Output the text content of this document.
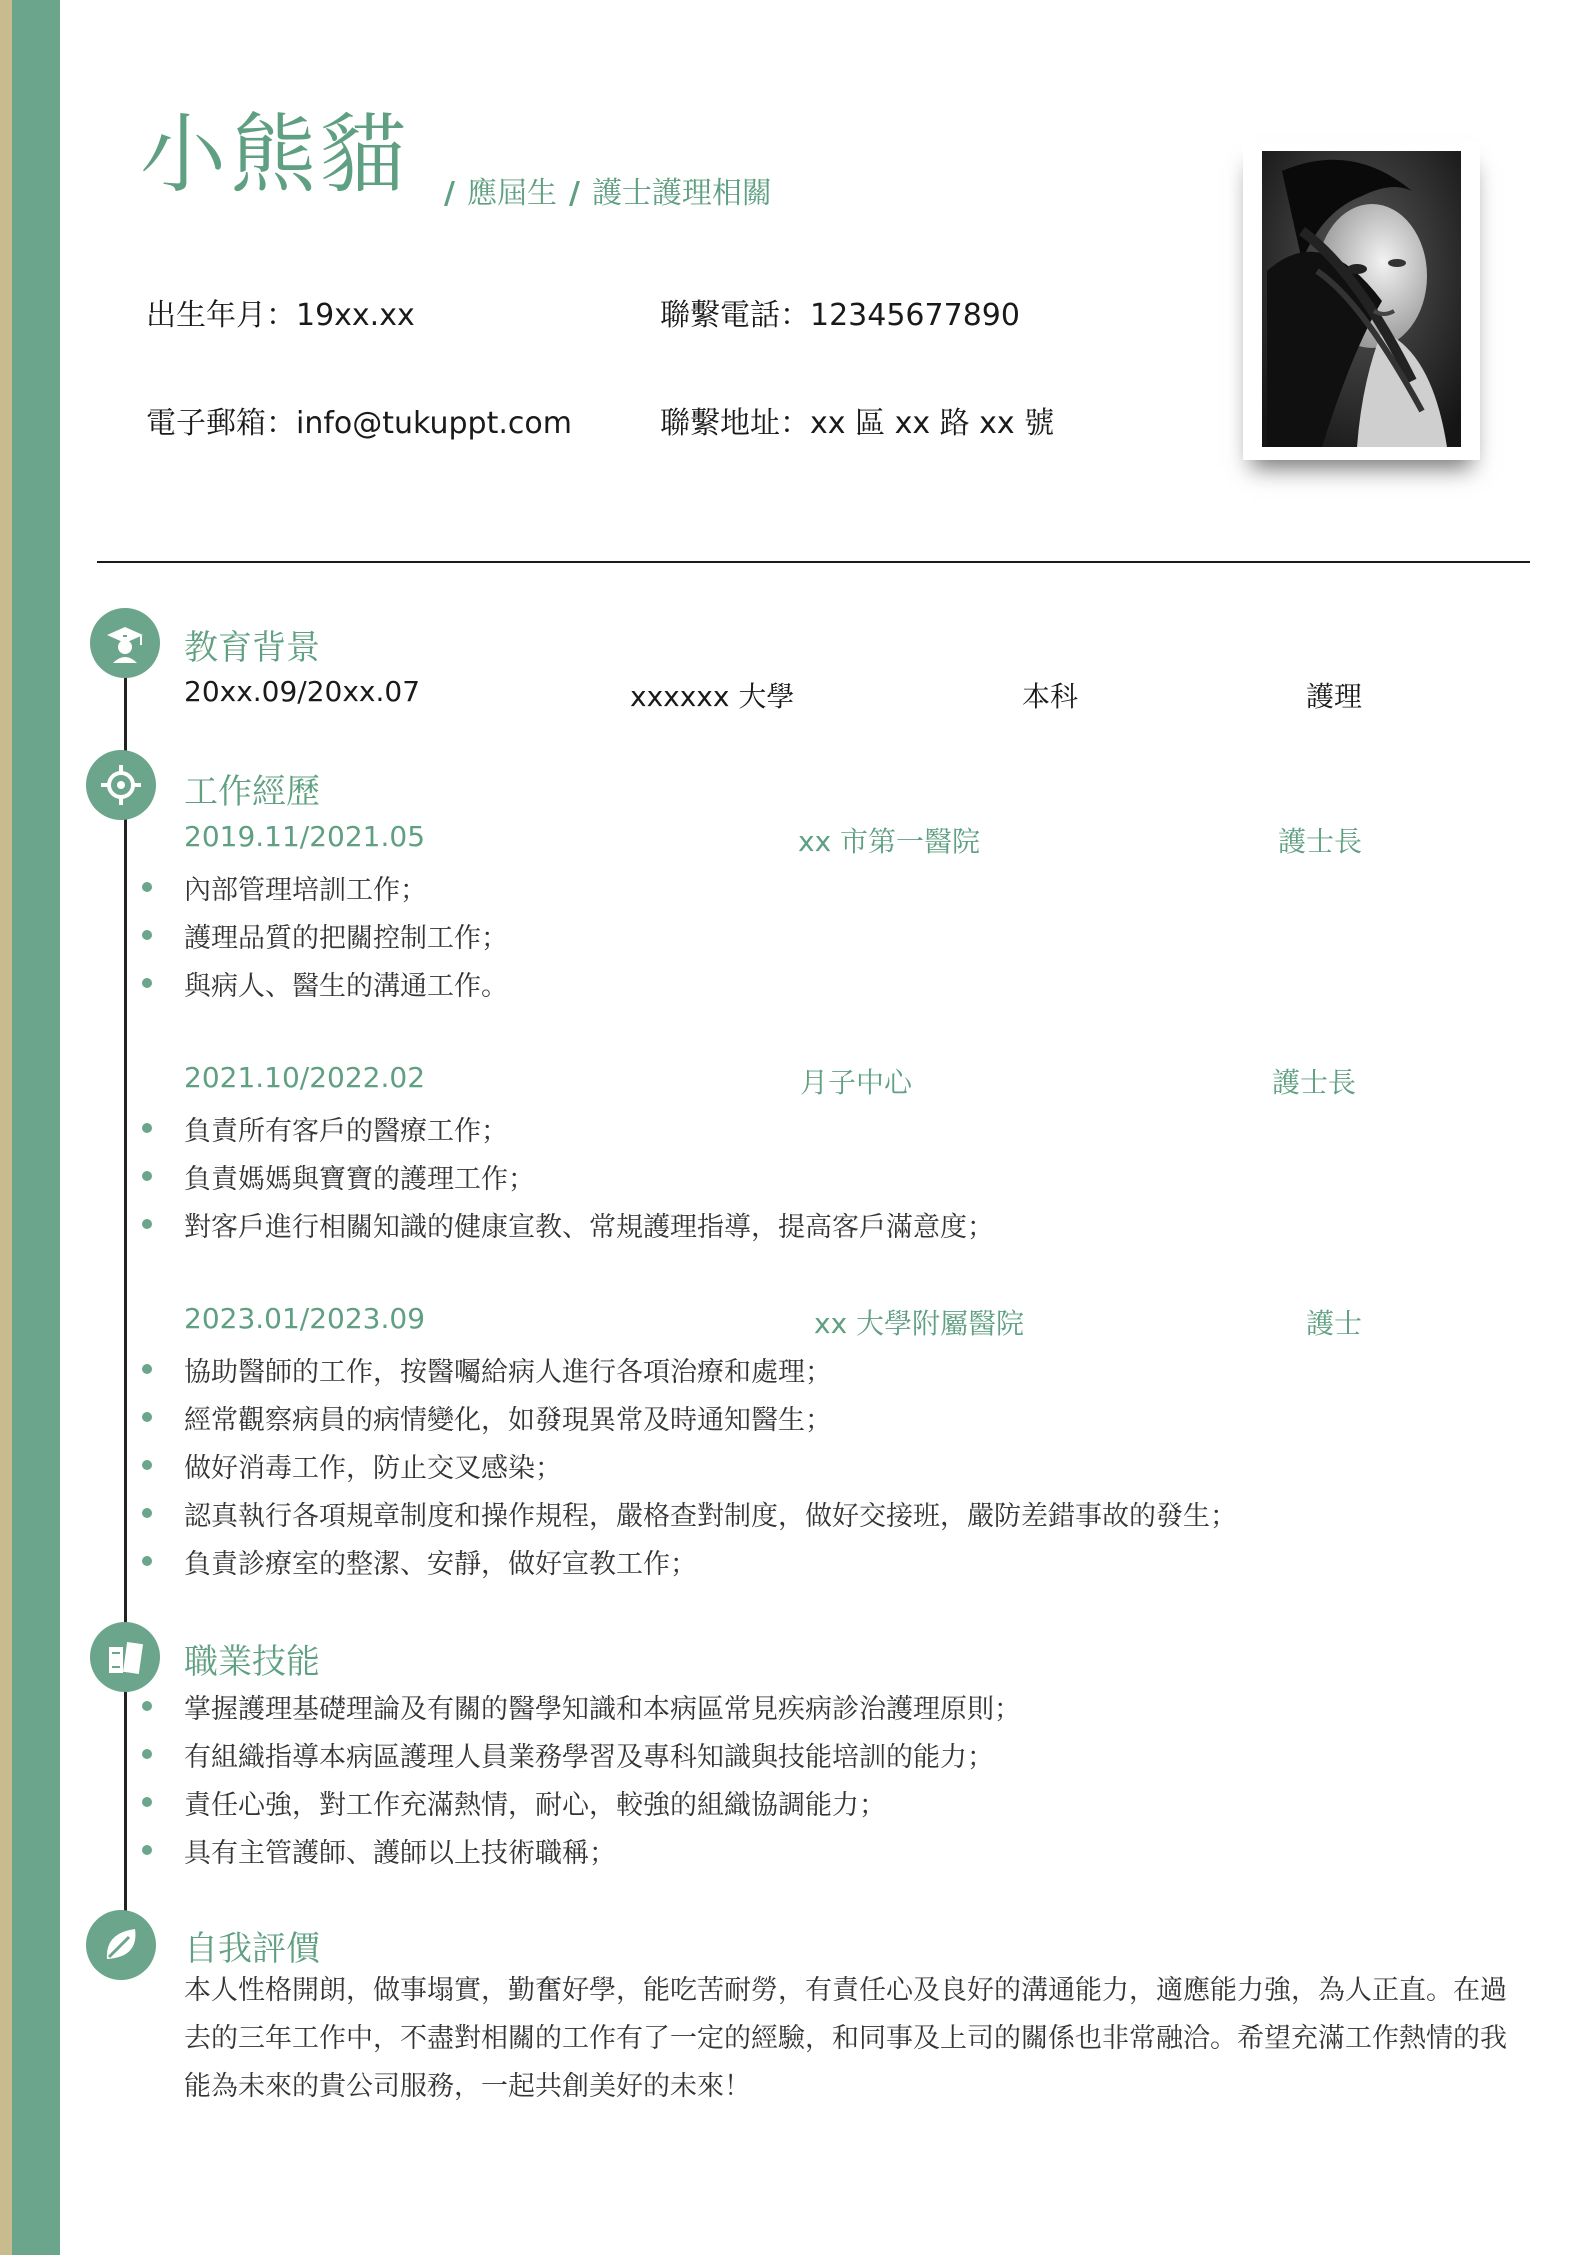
小熊貓	/ 應屆生 / 護士護理相關
出生年月：19xx.xx	聯繫電話：12345677890
電子郵箱：info@tukuppt.com	聯繫地址：xx 區 xx 路 xx 號
教育背景
20xx.09/20xx.07	xxxxxx 大學	本科	護理
工作經歷
2019.11/2021.05	xx 市第一醫院	護士長
內部管理培訓工作；
護理品質的把關控制工作；
與病人、醫生的溝通工作。
2021.10/2022.02	月子中心	護士長
負責所有客戶的醫療工作；
負責媽媽與寶寶的護理工作；
對客戶進行相關知識的健康宣教、常規護理指導，提高客戶滿意度；
2023.01/2023.09	xx 大學附屬醫院	護士
協助醫師的工作，按醫囑給病人進行各項治療和處理；
經常觀察病員的病情變化，如發現異常及時通知醫生；
做好消毒工作，防止交叉感染；
認真執行各項規章制度和操作規程，嚴格查對制度，做好交接班，嚴防差錯事故的發生；
負責診療室的整潔、安靜，做好宣教工作；
職業技能
掌握護理基礎理論及有關的醫學知識和本病區常見疾病診治護理原則；
有組織指導本病區護理人員業務學習及專科知識與技能培訓的能力；
責任心強，對工作充滿熱情，耐心，較強的組織協調能力；
具有主管護師、護師以上技術職稱；
自我評價
本人性格開朗，做事塌實，勤奮好學，能吃苦耐勞，有責任心及良好的溝通能力，適應能力強，為人正直。在過去的三年工作中，不盡對相關的工作有了一定的經驗，和同事及上司的關係也非常融洽。希望充滿工作熱情的我能為未來的貴公司服務，一起共創美好的未來！
